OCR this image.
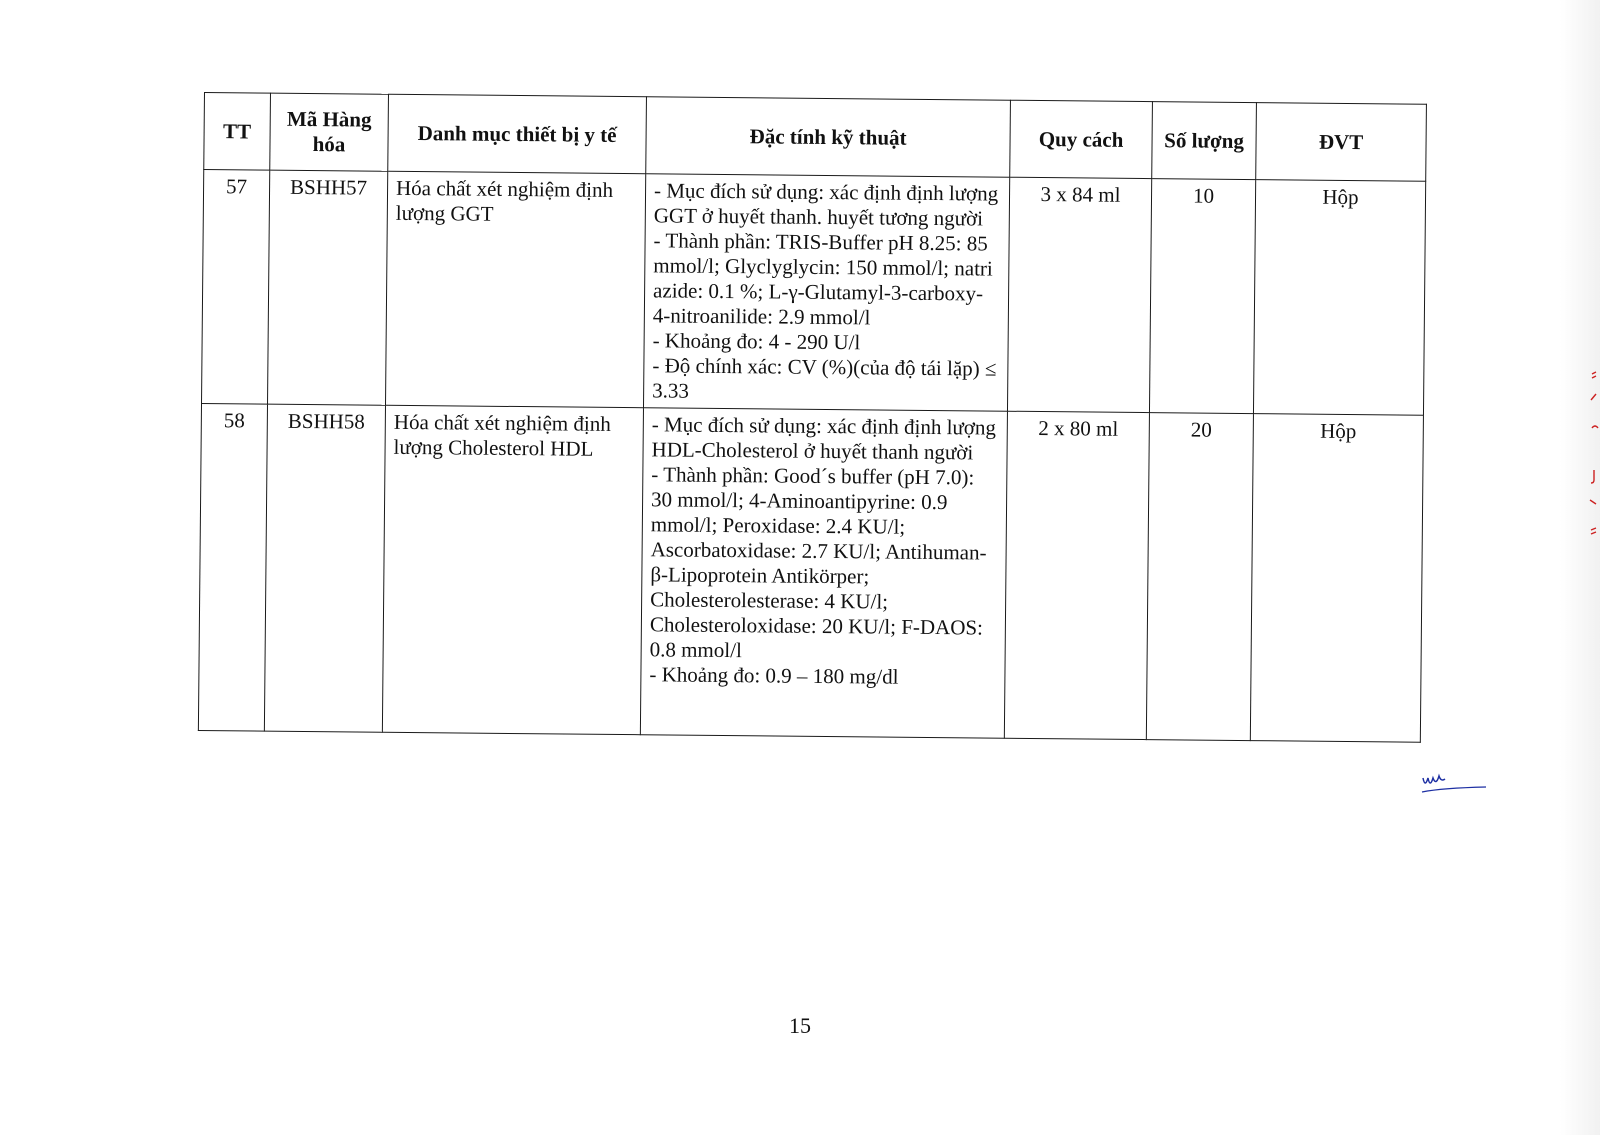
TT	Mã Hàng hóa	Danh mục thiết bị y tế	Đặc tính kỹ thuật	Quy cách	Số lượng	ĐVT
57	BSHH57	Hóa chất xét nghiệm định lượng GGT	- Mục đích sử dụng: xác định định lượng GGT ở huyết thanh. huyết tương người
- Thành phần: TRIS-Buffer pH 8.25: 85 mmol/l; Glyclyglycin: 150 mmol/l; natri azide: 0.1 %; L-γ-Glutamyl-3-carboxy-4-nitroanilide: 2.9 mmol/l
- Khoảng đo: 4 - 290 U/l
- Độ chính xác: CV (%)(của độ tái lặp) ≤ 3.33	3 x 84 ml	10	Hộp
58	BSHH58	Hóa chất xét nghiệm định lượng Cholesterol HDL	- Mục đích sử dụng: xác định định lượng HDL-Cholesterol ở huyết thanh người
- Thành phần: Good´s buffer (pH 7.0): 30 mmol/l; 4-Aminoantipyrine: 0.9 mmol/l; Peroxidase: 2.4 KU/l; Ascorbatoxidase: 2.7 KU/l; Antihuman-β-Lipoprotein Antikörper; Cholesterolesterase: 4 KU/l; Cholesteroloxidase: 20 KU/l; F-DAOS: 0.8 mmol/l
- Khoảng đo: 0.9 – 180 mg/dl	2 x 80 ml	20	Hộp
15
